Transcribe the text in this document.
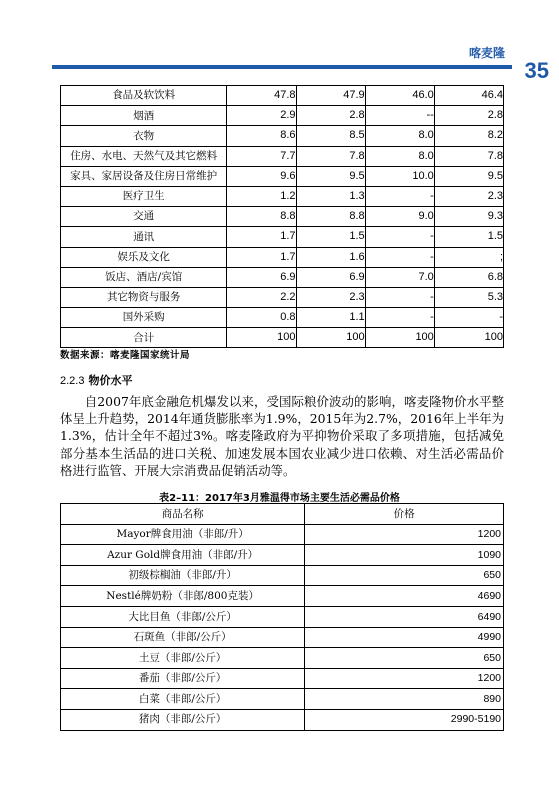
喀麦隆
35
食品及软饮料	47.8	47.9	46.0	46.4
烟酒	2.9	2.8	--	2.8
衣物	8.6	8.5	8.0	8.2
住房、水电、天然气及其它燃料	7.7	7.8	8.0	7.8
家具、家居设备及住房日常维护	9.6	9.5	10.0	9.5
医疗卫生	1.2	1.3	-	2.3
交通	8.8	8.8	9.0	9.3
通讯	1.7	1.5	-	1.5
娱乐及文化	1.7	1.6	-	;
饭店、酒店/宾馆	6.9	6.9	7.0	6.8
其它物资与服务	2.2	2.3	-	5.3
国外采购	0.8	1.1	-	-
合计	100	100	100	100
数据来源：喀麦隆国家统计局
2.2.3 物价水平

自2007年底金融危机爆发以来，受国际粮价波动的影响，喀麦隆物价水平整体呈上升趋势，2014年通货膨胀率为1.9%，2015年为2.7%，2016年上半年为1.3%，估计全年不超过3%。喀麦隆政府为平抑物价采取了多项措施，包括减免部分基本生活品的进口关税、加速发展本国农业减少进口依赖、对生活必需品价格进行监管、开展大宗消费品促销活动等。

表2–11：2017年3月雅温得市场主要生活必需品价格
商品名称	价格
Mayor牌食用油（非郎/升）	1200
Azur Gold牌食用油（非郎/升）	1090
初级棕榈油（非郎/升）	650
Nestlé牌奶粉（非郎/800克装）	4690
大比目鱼（非郎/公斤）	6490
石斑鱼（非郎/公斤）	4990
土豆（非郎/公斤）	650
番茄（非郎/公斤）	1200
白菜（非郎/公斤）	890
猪肉（非郎/公斤）	2990-5190
